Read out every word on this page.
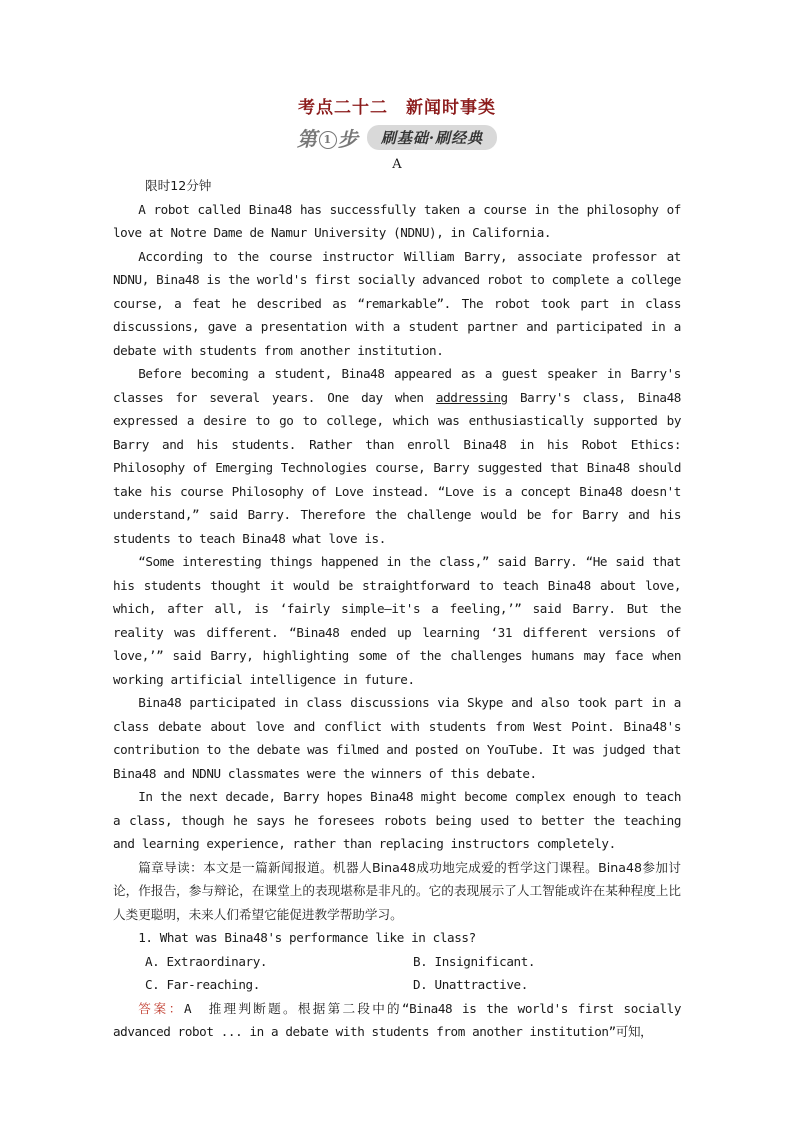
考点二十二　新闻时事类
第 1 步	刷基础·刷经典
A

限时12分钟

A robot called Bina48 has successfully taken a course in the philosophy of love at Notre Dame de Namur University (NDNU), in California.

According to the course instructor William Barry, associate professor at NDNU, Bina48 is the world's first socially advanced robot to complete a college course, a feat he described as “remarkable”. The robot took part in class discussions, gave a presentation with a student partner and participated in a debate with students from another institution.

Before becoming a student, Bina48 appeared as a guest speaker in Barry's classes for several years. One day when addressing Barry's class, Bina48 expressed a desire to go to college, which was enthusiastically supported by Barry and his students. Rather than enroll Bina48 in his Robot Ethics: Philosophy of Emerging Technologies course, Barry suggested that Bina48 should take his course Philosophy of Love instead. “Love is a concept Bina48 doesn't understand,” said Barry. Therefore the challenge would be for Barry and his students to teach Bina48 what love is.

“Some interesting things happened in the class,” said Barry. “He said that his students thought it would be straightforward to teach Bina48 about love, which, after all, is ‘fairly simple—it's a feeling,’” said Barry. But the reality was different. “Bina48 ended up learning ‘31 different versions of love,’” said Barry, highlighting some of the challenges humans may face when working artificial intelligence in future.

Bina48 participated in class discussions via Skype and also took part in a class debate about love and conflict with students from West Point. Bina48's contribution to the debate was filmed and posted on YouTube. It was judged that Bina48 and NDNU classmates were the winners of this debate.

In the next decade, Barry hopes Bina48 might become complex enough to teach a class, though he says he foresees robots being used to better the teaching and learning experience, rather than replacing instructors completely.

篇章导读：本文是一篇新闻报道。机器人Bina48成功地完成爱的哲学这门课程。Bina48参加讨论，作报告，参与辩论，在课堂上的表现堪称是非凡的。它的表现展示了人工智能或许在某种程度上比人类更聪明，未来人们希望它能促进教学帮助学习。

1. What was Bina48's performance like in class?

A. Extraordinary.	B. Insignificant.
C. Far-reaching.	D. Unattractive.

答案：A　推理判断题。根据第二段中的“Bina48 is the world's first socially advanced robot ... in a debate with students from another institution”可知，
